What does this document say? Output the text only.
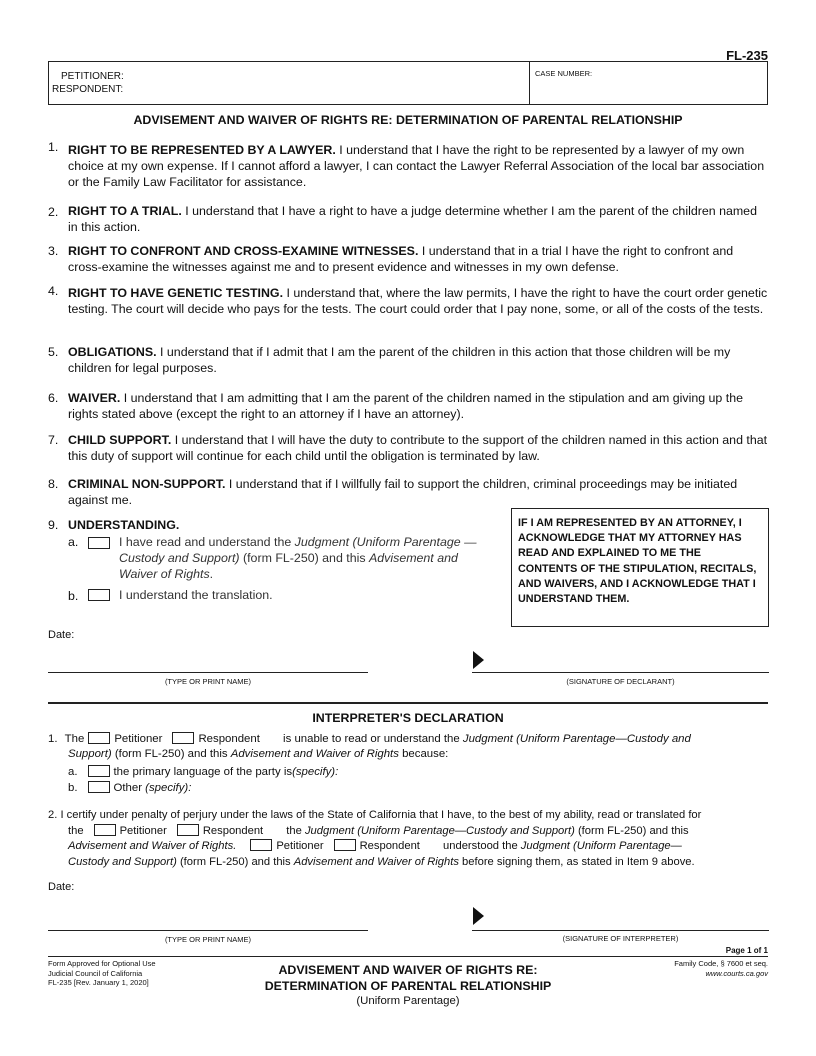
FL-235
PETITIONER:
RESPONDENT:
CASE NUMBER:
ADVISEMENT AND WAIVER OF RIGHTS RE: DETERMINATION OF PARENTAL RELATIONSHIP
1. RIGHT TO BE REPRESENTED BY A LAWYER. I understand that I have the right to be represented by a lawyer of my own choice at my own expense. If I cannot afford a lawyer, I can contact the Lawyer Referral Association of the local bar association or the Family Law Facilitator for assistance.
2. RIGHT TO A TRIAL. I understand that I have a right to have a judge determine whether I am the parent of the children named in this action.
3. RIGHT TO CONFRONT AND CROSS-EXAMINE WITNESSES. I understand that in a trial I have the right to confront and cross-examine the witnesses against me and to present evidence and witnesses in my own defense.
4. RIGHT TO HAVE GENETIC TESTING. I understand that, where the law permits, I have the right to have the court order genetic testing. The court will decide who pays for the tests. The court could order that I pay none, some, or all of the costs of the tests.
5. OBLIGATIONS. I understand that if I admit that I am the parent of the children in this action that those children will be my children for legal purposes.
6. WAIVER. I understand that I am admitting that I am the parent of the children named in the stipulation and am giving up the rights stated above (except the right to an attorney if I have an attorney).
7. CHILD SUPPORT. I understand that I will have the duty to contribute to the support of the children named in this action and that this duty of support will continue for each child until the obligation is terminated by law.
8. CRIMINAL NON-SUPPORT. I understand that if I willfully fail to support the children, criminal proceedings may be initiated against me.
9. UNDERSTANDING.
a.	I have read and understand the Judgment (Uniform Parentage —
Custody and Support) (form FL-250) and this Advisement and
Waiver of Rights.
b.	I understand the translation.
IF I AM REPRESENTED BY AN ATTORNEY, I ACKNOWLEDGE THAT MY ATTORNEY HAS READ AND EXPLAINED TO ME THE CONTENTS OF THE STIPULATION, RECITALS, AND WAIVERS, AND I ACKNOWLEDGE THAT I UNDERSTAND THEM.
Date:
(TYPE OR PRINT NAME)	(SIGNATURE OF DECLARANT)
INTERPRETER'S DECLARATION
1. The	Petitioner	Respondent is unable to read or understand the Judgment (Uniform Parentage—Custody and
Support) (form FL-250) and this Advisement and Waiver of Rights because:
a.	the primary language of the party is(specify):
b.	Other (specify):
2. I certify under penalty of perjury under the laws of the State of California that I have, to the best of my ability, read or translated for
the	Petitioner	Respondent the Judgment (Uniform Parentage—Custody and Support) (form FL-250) and this
Advisement and Waiver of Rights.	Petitioner	Respondent understood the Judgment (Uniform Parentage—
Custody and Support) (form FL-250) and this Advisement and Waiver of Rights before signing them, as stated in Item 9 above.
Date:
(TYPE OR PRINT NAME)	(SIGNATURE OF INTERPRETER)
Page 1 of 1
Form Approved for Optional Use
Judicial Council of California
FL-235 [Rev. January 1, 2020]
ADVISEMENT AND WAIVER OF RIGHTS RE:
DETERMINATION OF PARENTAL RELATIONSHIP
(Uniform Parentage)
Family Code, § 7600 et seq.
www.courts.ca.gov
